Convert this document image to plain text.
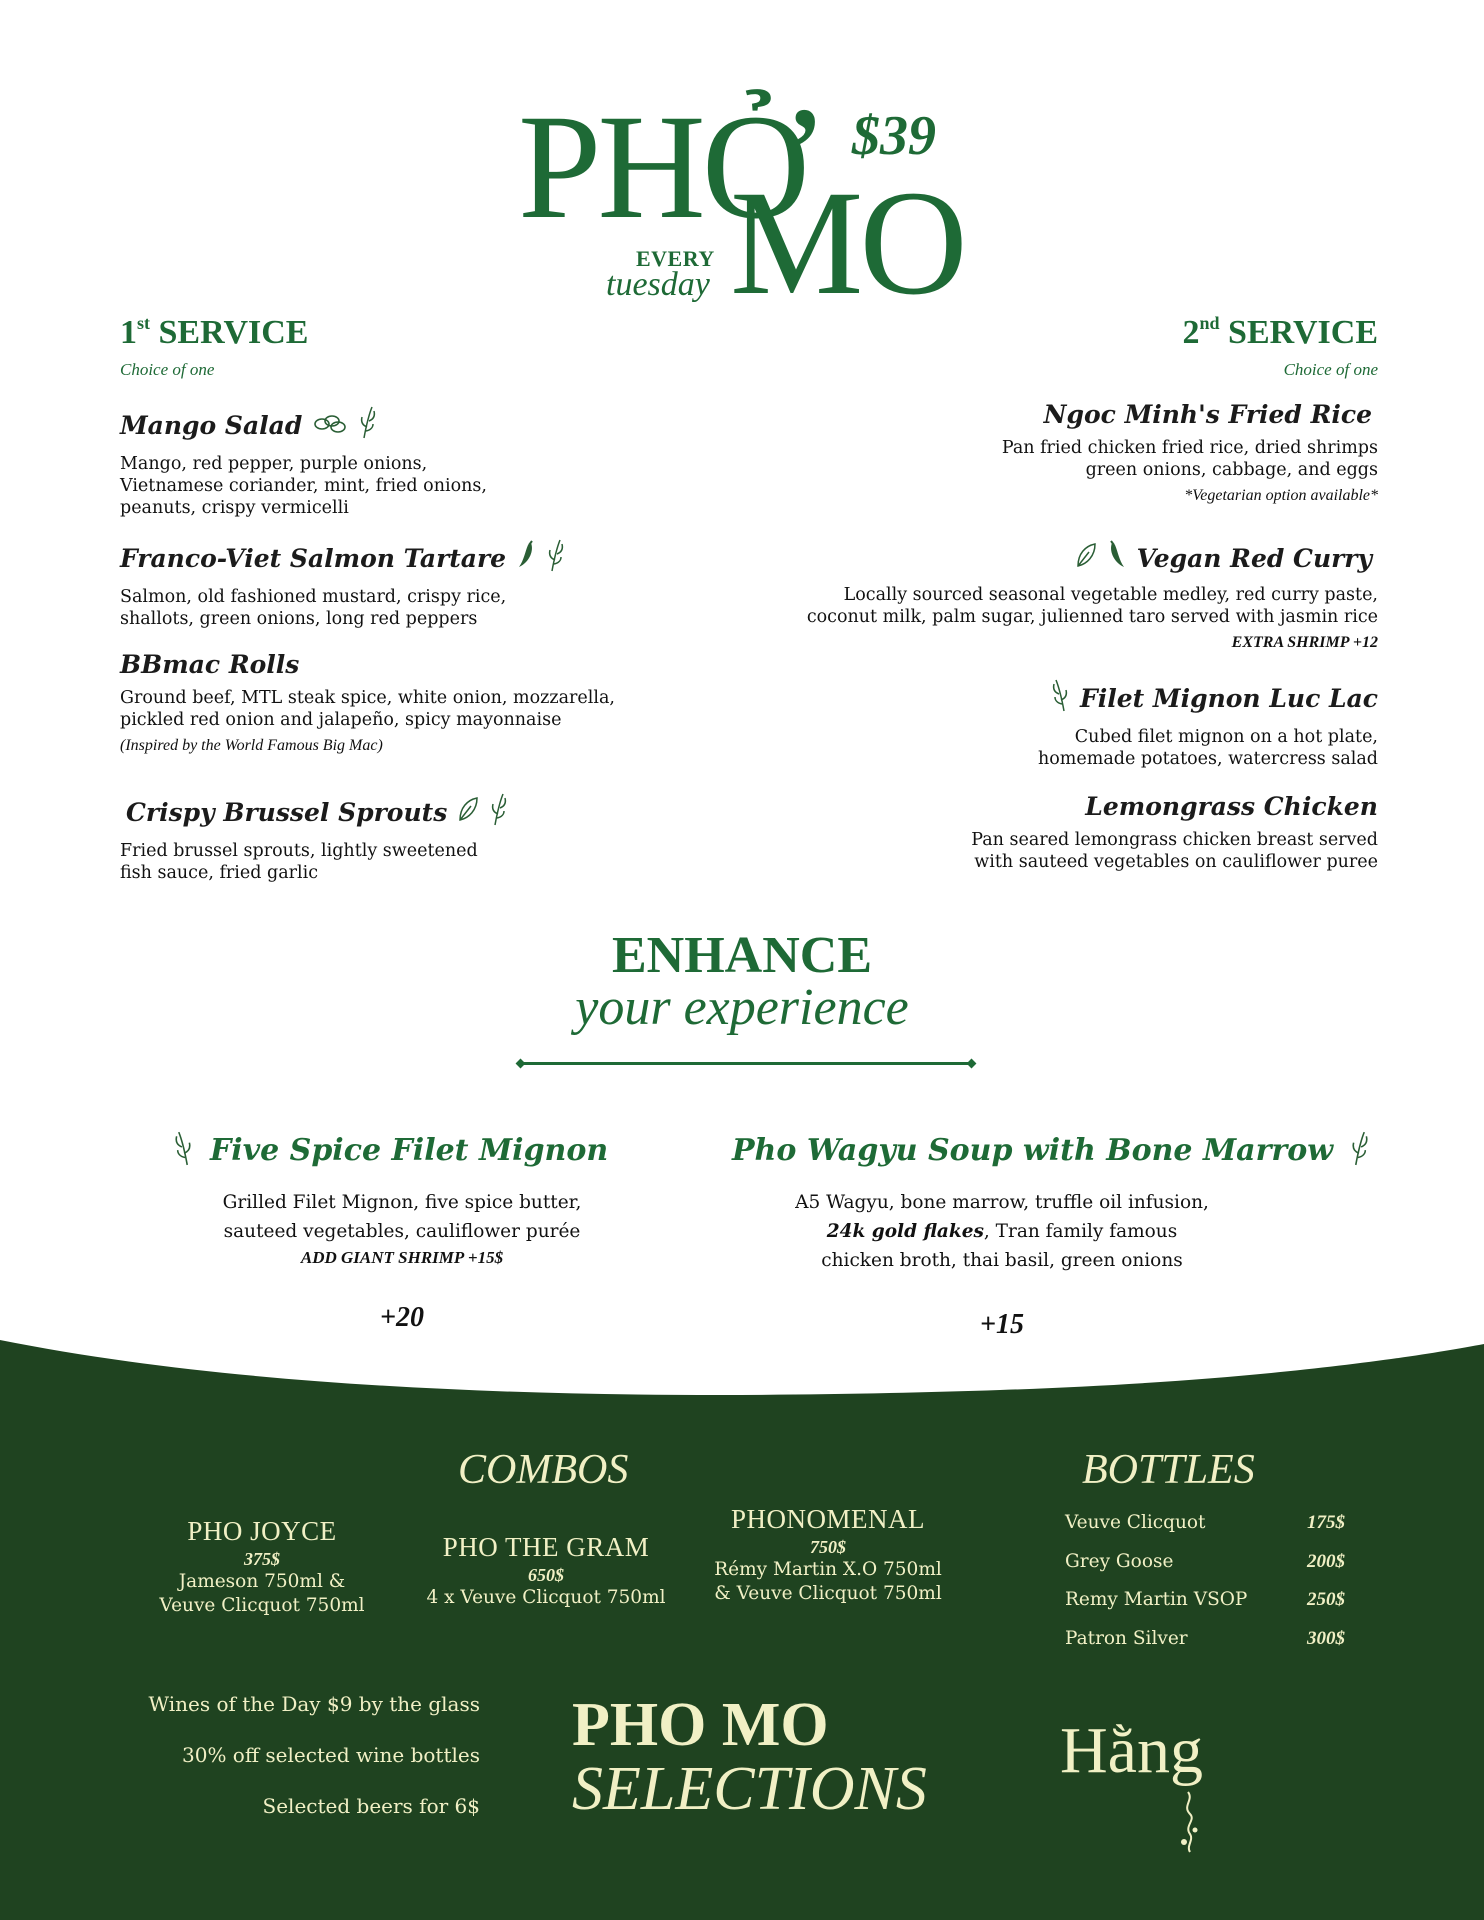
PHỞ
MO
$39
EVERY
tuesday
1st SERVICE
Choice of one
Mango Salad
Mango, red pepper, purple onions,
Vietnamese coriander, mint, fried onions,
peanuts, crispy vermicelli
Franco-Viet Salmon Tartare
Salmon, old fashioned mustard, crispy rice,
shallots, green onions, long red peppers
BBmac Rolls
Ground beef, MTL steak spice, white onion, mozzarella,
pickled red onion and jalapeño, spicy mayonnaise
(Inspired by the World Famous Big Mac)
Crispy Brussel Sprouts
Fried brussel sprouts, lightly sweetened
fish sauce, fried garlic
2nd SERVICE
Choice of one
Ngoc Minh's Fried Rice
Pan fried chicken fried rice, dried shrimps
green onions, cabbage, and eggs
*Vegetarian option available*
Vegan Red Curry
Locally sourced seasonal vegetable medley, red curry paste,
coconut milk, palm sugar, julienned taro served with jasmin rice
EXTRA SHRIMP +12
Filet Mignon Luc Lac
Cubed filet mignon on a hot plate,
homemade potatoes, watercress salad
Lemongrass Chicken
Pan seared lemongrass chicken breast served
with sauteed vegetables on cauliflower puree
ENHANCE
your experience
Five Spice Filet Mignon
Grilled Filet Mignon, five spice butter,
sauteed vegetables, cauliflower purée
ADD GIANT SHRIMP +15$
+20
Pho Wagyu Soup with Bone Marrow
A5 Wagyu, bone marrow, truffle oil infusion,
24k gold flakes, Tran family famous
chicken broth, thai basil, green onions
+15
COMBOS	BOTTLES
PHO JOYCE
375$
Jameson 750ml &
Veuve Clicquot 750ml
PHO THE GRAM
650$
4 x Veuve Clicquot 750ml
PHONOMENAL
750$
Rémy Martin X.O 750ml
& Veuve Clicquot 750ml
Veuve Clicquot	175$
Grey Goose	200$
Remy Martin VSOP	250$
Patron Silver	300$
Wines of the Day $9 by the glass
30% off selected wine bottles
Selected beers for 6$
PHO MO
SELECTIONS
Hằng
